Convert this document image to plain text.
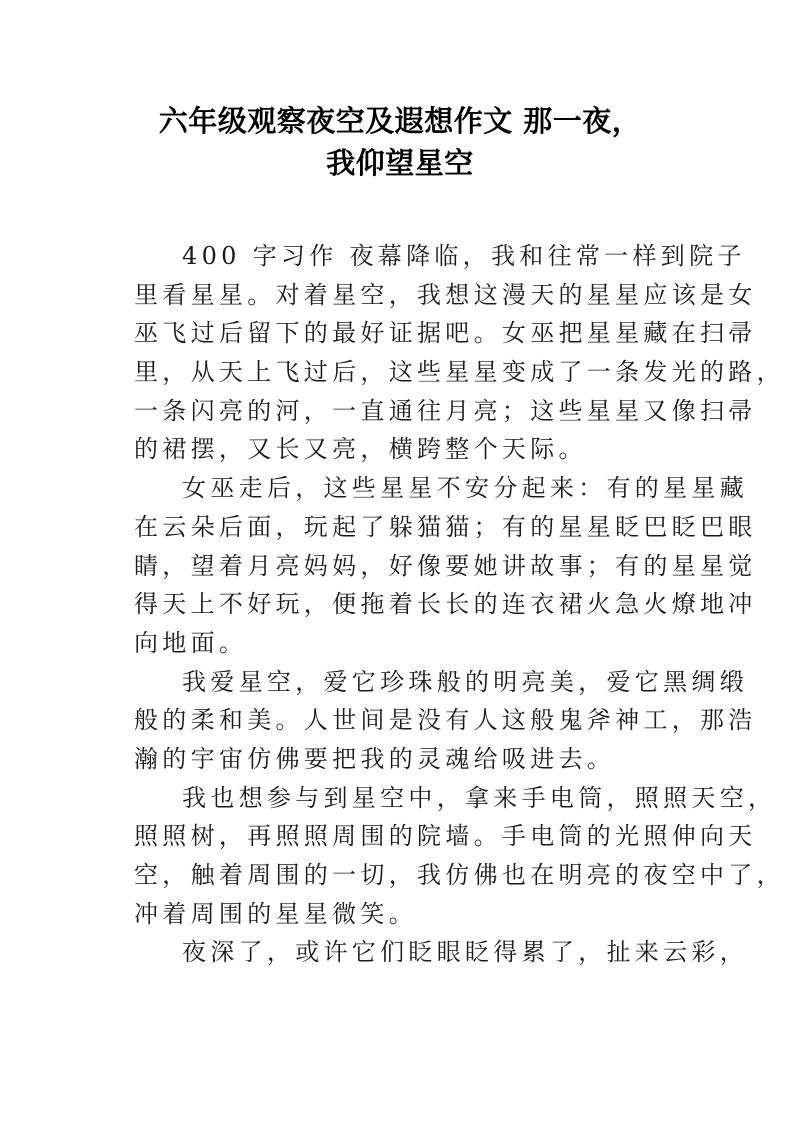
六年级观察夜空及遐想作文 那一夜，
我仰望星空
400 字习作 夜幕降临，我和往常一样到院子
里看星星。对着星空，我想这漫天的星星应该是女
巫飞过后留下的最好证据吧。女巫把星星藏在扫帚
里，从天上飞过后，这些星星变成了一条发光的路，
一条闪亮的河，一直通往月亮；这些星星又像扫帚
的裙摆，又长又亮，横跨整个天际。
女巫走后，这些星星不安分起来：有的星星藏
在云朵后面，玩起了躲猫猫；有的星星眨巴眨巴眼
睛，望着月亮妈妈，好像要她讲故事；有的星星觉
得天上不好玩，便拖着长长的连衣裙火急火燎地冲
向地面。
我爱星空，爱它珍珠般的明亮美，爱它黑绸缎
般的柔和美。人世间是没有人这般鬼斧神工，那浩
瀚的宇宙仿佛要把我的灵魂给吸进去。
我也想参与到星空中，拿来手电筒，照照天空，
照照树，再照照周围的院墙。手电筒的光照伸向天
空，触着周围的一切，我仿佛也在明亮的夜空中了，
冲着周围的星星微笑。
夜深了，或许它们眨眼眨得累了，扯来云彩，
